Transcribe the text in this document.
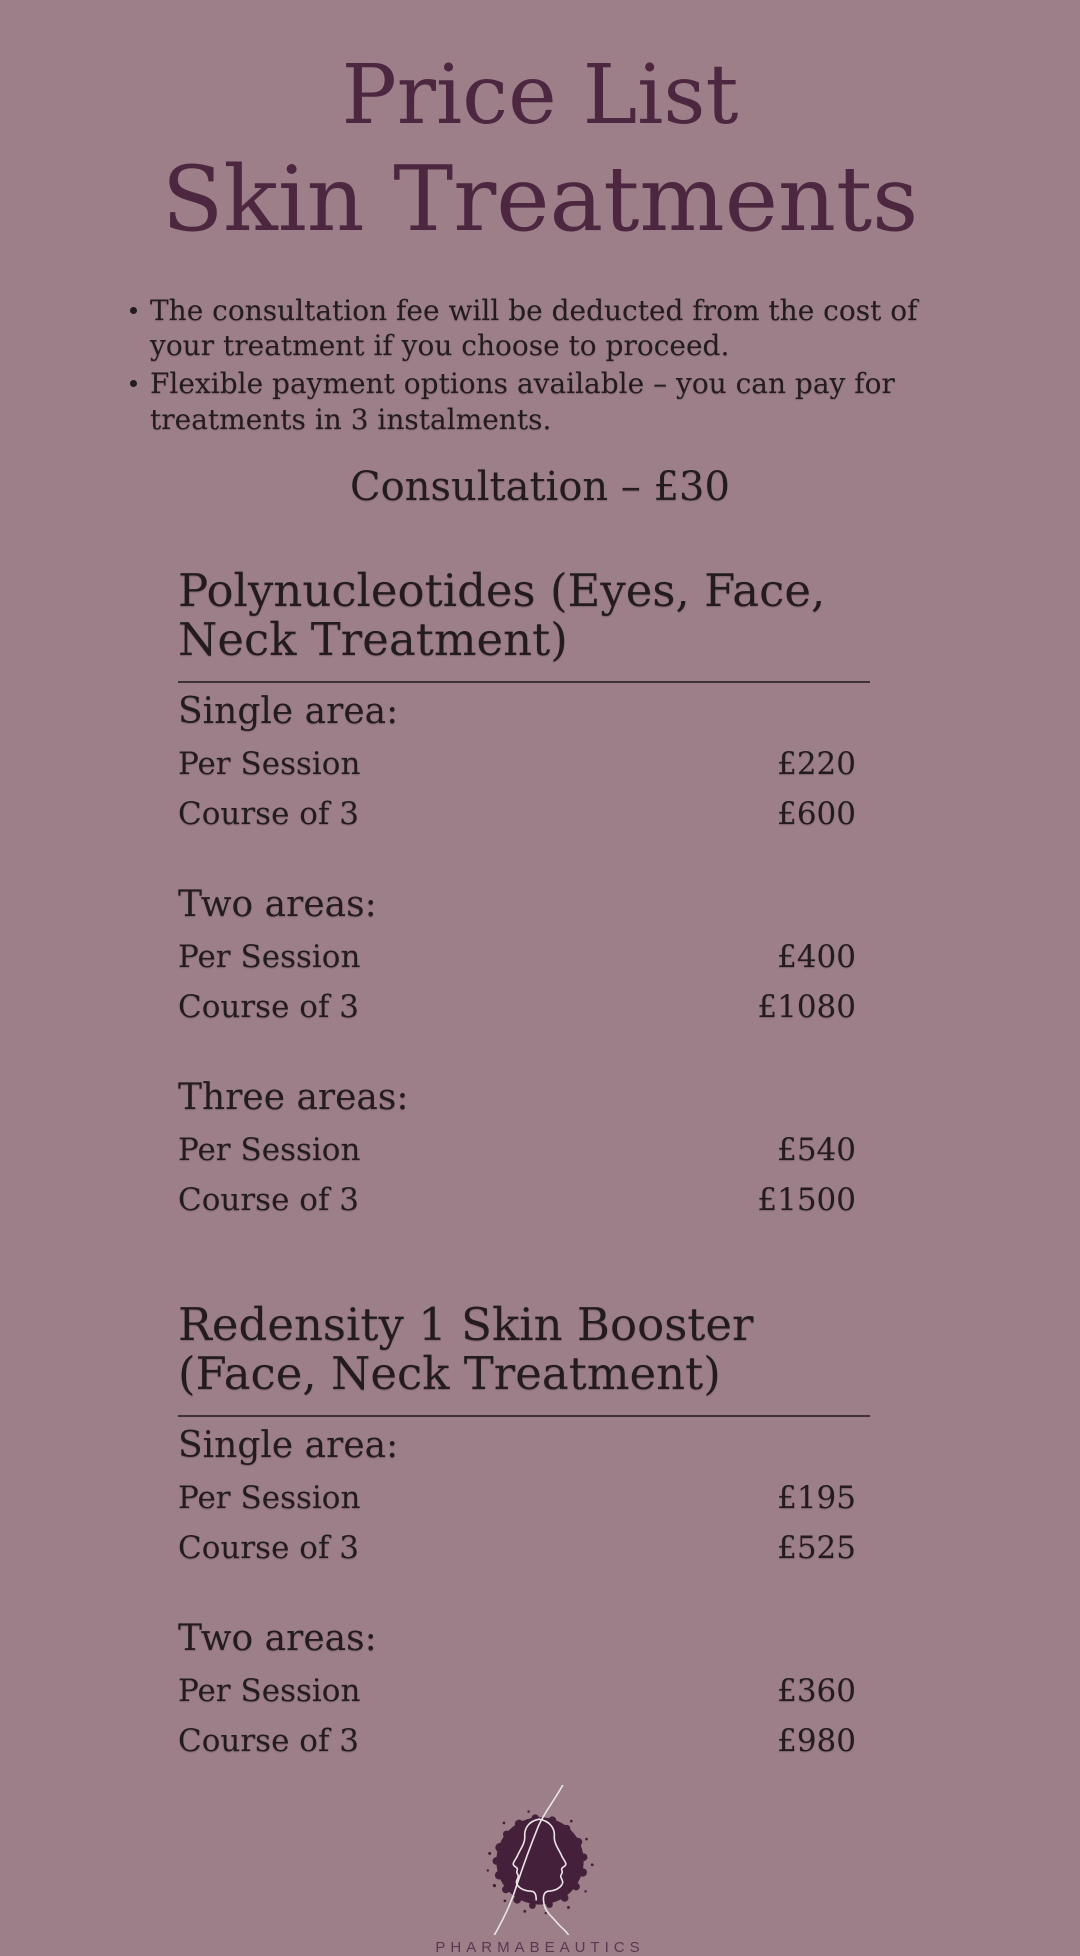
Price List
Skin Treatments
The consultation fee will be deducted from the cost of your treatment if you choose to proceed.
Flexible payment options available – you can pay for treatments in 3 instalments.
Consultation – £30
Polynucleotides (Eyes, Face, Neck Treatment)
Single area:
Per Session	£220
Course of 3	£600
Two areas:
Per Session	£400
Course of 3	£1080
Three areas:
Per Session	£540
Course of 3	£1500
Redensity 1 Skin Booster (Face, Neck Treatment)
Single area:
Per Session	£195
Course of 3	£525
Two areas:
Per Session	£360
Course of 3	£980
PHARMABEAUTICS
